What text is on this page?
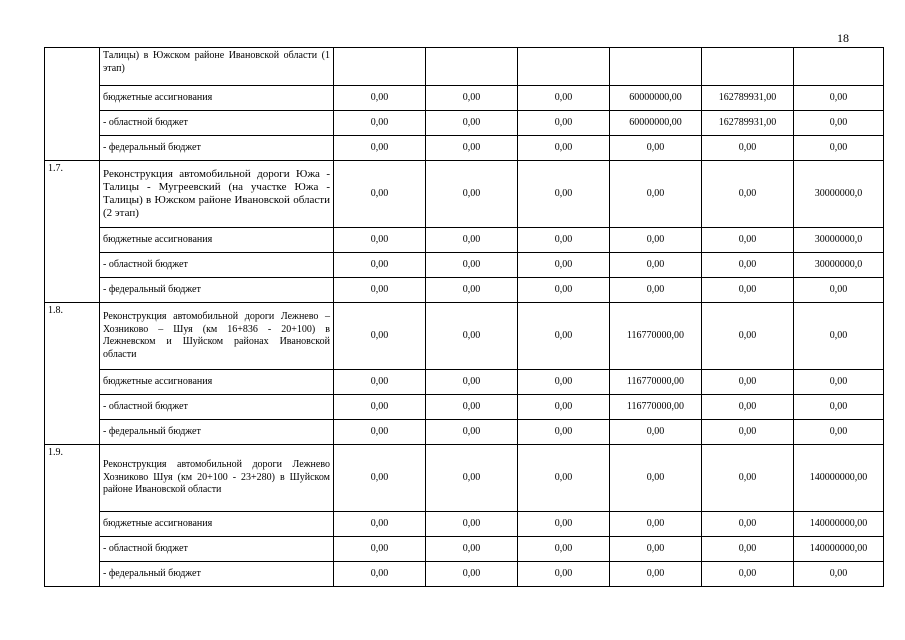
18
	Талицы) в Южском районе Ивановской области (1 этап)						
	бюджетные ассигнования	0,00	0,00	0,00	60000000,00	162789931,00	0,00
	- областной бюджет	0,00	0,00	0,00	60000000,00	162789931,00	0,00
	- федеральный бюджет	0,00	0,00	0,00	0,00	0,00	0,00
1.7.	Реконструкция автомобильной дороги Южа - Талицы - Мугреевский (на участке Южа - Талицы) в Южском районе Ивановской области (2 этап)	0,00	0,00	0,00	0,00	0,00	30000000,0
	бюджетные ассигнования	0,00	0,00	0,00	0,00	0,00	30000000,0
	- областной бюджет	0,00	0,00	0,00	0,00	0,00	30000000,0
	- федеральный бюджет	0,00	0,00	0,00	0,00	0,00	0,00
1.8.	Реконструкция автомобильной дороги Лежнево – Хозниково – Шуя (км 16+836 - 20+100) в Лежневском и Шуйском районах Ивановской области	0,00	0,00	0,00	116770000,00	0,00	0,00
	бюджетные ассигнования	0,00	0,00	0,00	116770000,00	0,00	0,00
	- областной бюджет	0,00	0,00	0,00	116770000,00	0,00	0,00
	- федеральный бюджет	0,00	0,00	0,00	0,00	0,00	0,00
1.9.	Реконструкция автомобильной дороги Лежнево Хозниково Шуя (км 20+100 - 23+280) в Шуйском районе Ивановской области	0,00	0,00	0,00	0,00	0,00	140000000,00
	бюджетные ассигнования	0,00	0,00	0,00	0,00	0,00	140000000,00
	- областной бюджет	0,00	0,00	0,00	0,00	0,00	140000000,00
	- федеральный бюджет	0,00	0,00	0,00	0,00	0,00	0,00
